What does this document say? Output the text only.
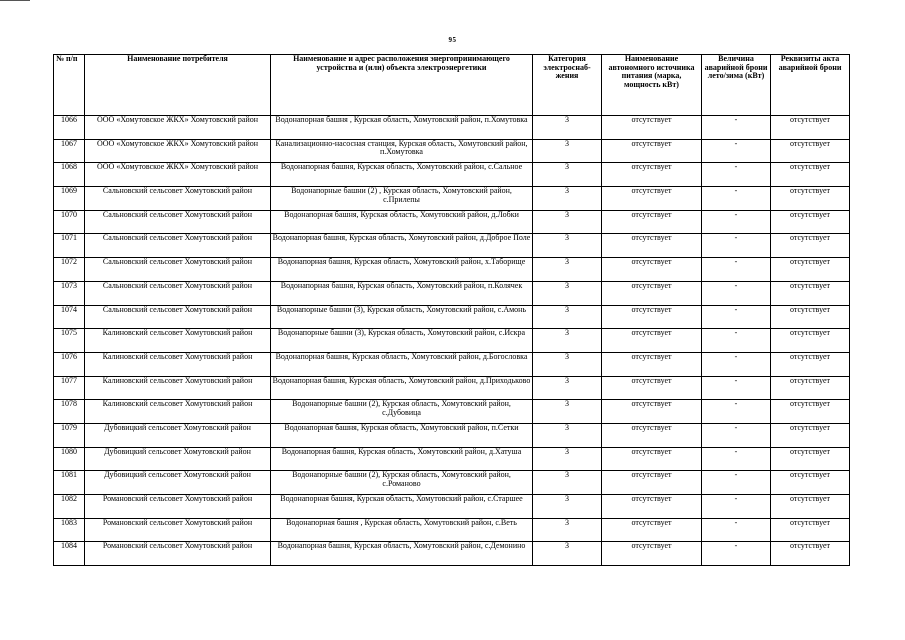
95
№ п/п	Наименование потребителя	Наименование и адрес расположения энергопринимающего устройства и (или) объекта электроэнергетики	Категория электроснаб-жения	Наименование автономного источника питания (марка, мощность кВт)	Величина аварийной брони лето/зима (кВт)	Реквизиты акта аварийной брони
1066	ООО «Хомутовское ЖКХ» Хомутовский район	Водонапорная башня , Курская область, Хомутовский район, п.Хомутовка	3	отсутствует	-	отсутствует
1067	ООО «Хомутовское ЖКХ» Хомутовский район	Канализационно-насосная станция, Курская область, Хомутовский район, п.Хомутовка	3	отсутствует	-	отсутствует
1068	ООО «Хомутовское ЖКХ» Хомутовский район	Водонапорная башня, Курская область, Хомутовский район, с.Сальное	3	отсутствует	-	отсутствует
1069	Сальновский сельсовет Хомутовский район	Водонапорные башни (2) , Курская область, Хомутовский район, с.Прилепы	3	отсутствует	-	отсутствует
1070	Сальновский сельсовет Хомутовский район	Водонапорная башня, Курская область, Хомутовский район, д.Лобки	3	отсутствует	-	отсутствует
1071	Сальновский сельсовет Хомутовский район	Водонапорная башня, Курская область, Хомутовский район, д.Доброе Поле	3	отсутствует	-	отсутствует
1072	Сальновский сельсовет Хомутовский район	Водонапорная башня, Курская область, Хомутовский район, х.Таборище	3	отсутствует	-	отсутствует
1073	Сальновский сельсовет Хомутовский район	Водонапорная башня, Курская область, Хомутовский район, п.Колячек	3	отсутствует	-	отсутствует
1074	Сальновский сельсовет Хомутовский район	Водонапорные башни (3), Курская область, Хомутовский район, с.Амонь	3	отсутствует	-	отсутствует
1075	Калиновский сельсовет Хомутовский район	Водонапорные башни (3), Курская область, Хомутовский район, с.Искра	3	отсутствует	-	отсутствует
1076	Калиновский сельсовет Хомутовский район	Водонапорная башня, Курская область, Хомутовский район, д.Богословка	3	отсутствует	-	отсутствует
1077	Калиновский сельсовет Хомутовский район	Водонапорная башня, Курская область, Хомутовский район, д.Приходьково	3	отсутствует	-	отсутствует
1078	Калиновский сельсовет Хомутовский район	Водонапорные башни (2), Курская область, Хомутовский район, с.Дубовица	3	отсутствует	-	отсутствует
1079	Дубовицкий сельсовет Хомутовский район	Водонапорная башня, Курская область, Хомутовский район, п.Сетки	3	отсутствует	-	отсутствует
1080	Дубовицкий сельсовет Хомутовский район	Водонапорная башня, Курская область, Хомутовский район, д.Хатуша	3	отсутствует	-	отсутствует
1081	Дубовицкий сельсовет Хомутовский район	Водонапорные башни (2), Курская область, Хомутовский район, с.Романово	3	отсутствует	-	отсутствует
1082	Романовский сельсовет Хомутовский район	Водонапорная башня, Курская область, Хомутовский район, с.Старшее	3	отсутствует	-	отсутствует
1083	Романовский сельсовет Хомутовский район	Водонапорная башня , Курская область, Хомутовский район, с.Веть	3	отсутствует	-	отсутствует
1084	Романовский сельсовет Хомутовский район	Водонапорная башня, Курская область, Хомутовский район, с.Демонино	3	отсутствует	-	отсутствует
